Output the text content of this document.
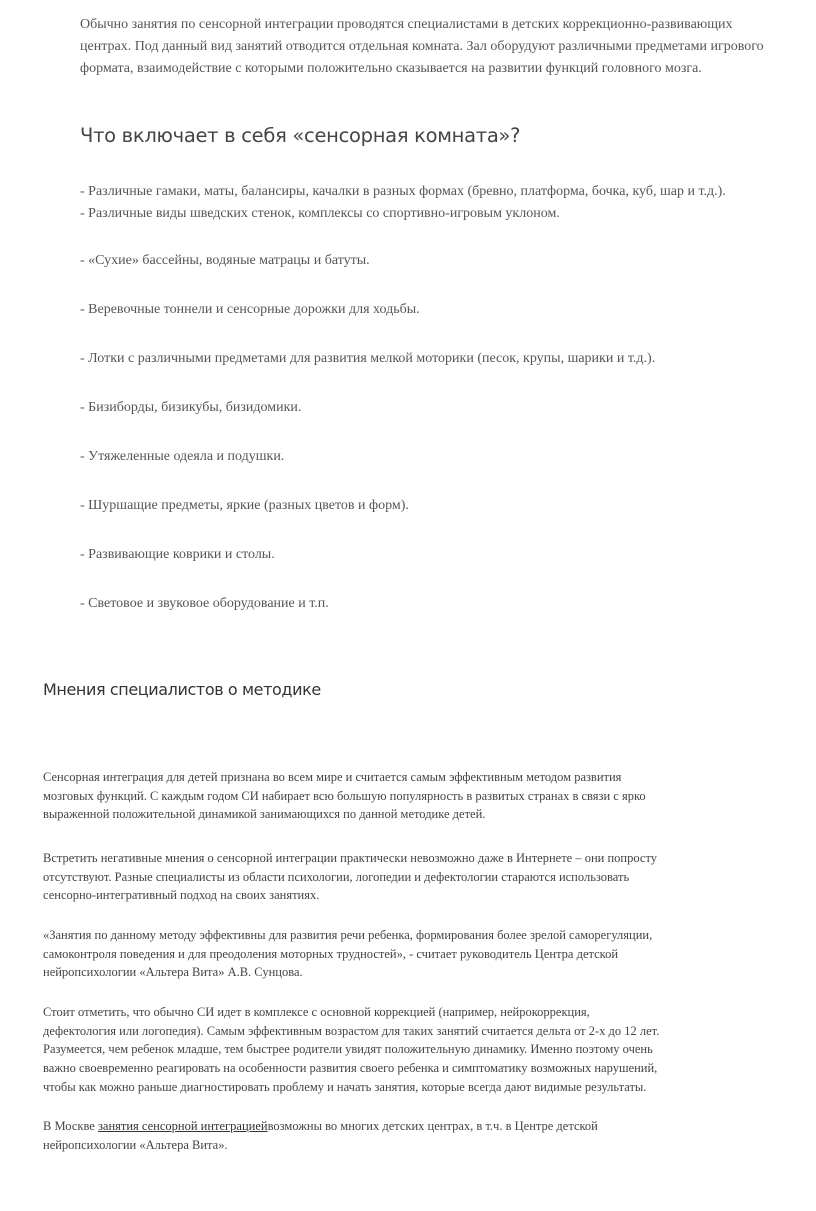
Обычно занятия по сенсорной интеграции проводятся специалистами в детских коррекционно-развивающих центрах. Под данный вид занятий отводится отдельная комната. Зал оборудуют различными предметами игрового формата, взаимодействие с которыми положительно сказывается на развитии функций головного мозга.

Что включает в себя «сенсорная комната»?
- Различные гамаки, маты, балансиры, качалки в разных формах (бревно, платформа, бочка, куб, шар и т.д.).
- Различные виды шведских стенок, комплексы со спортивно-игровым уклоном.
- «Сухие» бассейны, водяные матрацы и батуты.
- Веревочные тоннели и сенсорные дорожки для ходьбы.
- Лотки с различными предметами для развития мелкой моторики (песок, крупы, шарики и т.д.).
- Бизиборды, бизикубы, бизидомики.
- Утяжеленные одеяла и подушки.
- Шуршащие предметы, яркие (разных цветов и форм).
- Развивающие коврики и столы.
- Световое и звуковое оборудование и т.п.
Мнения специалистов о методике

Сенсорная интеграция для детей признана во всем мире и считается самым эффективным методом развития мозговых функций. С каждым годом СИ набирает всю большую популярность в развитых странах в связи с ярко выраженной положительной динамикой занимающихся по данной методике детей.

Встретить негативные мнения о сенсорной интеграции практически невозможно даже в Интернете – они попросту отсутствуют. Разные специалисты из области психологии, логопедии и дефектологии стараются использовать сенсорно-интегративный подход на своих занятиях.

«Занятия по данному методу эффективны для развития речи ребенка, формирования более зрелой саморегуляции, самоконтроля поведения и для преодоления моторных трудностей», - считает руководитель Центра детской нейропсихологии «Альтера Вита» А.В. Сунцова.

Стоит отметить, что обычно СИ идет в комплексе с основной коррекцией (например, нейрокоррекция, дефектология или логопедия). Самым эффективным возрастом для таких занятий считается дельта от 2-х до 12 лет. Разумеется, чем ребенок младше, тем быстрее родители увидят положительную динамику. Именно поэтому очень важно своевременно реагировать на особенности развития своего ребенка и симптоматику возможных нарушений, чтобы как можно раньше диагностировать проблему и начать занятия, которые всегда дают видимые результаты.

В Москве занятия сенсорной интеграциейвозможны во многих детских центрах, в т.ч. в Центре детской нейропсихологии «Альтера Вита».
